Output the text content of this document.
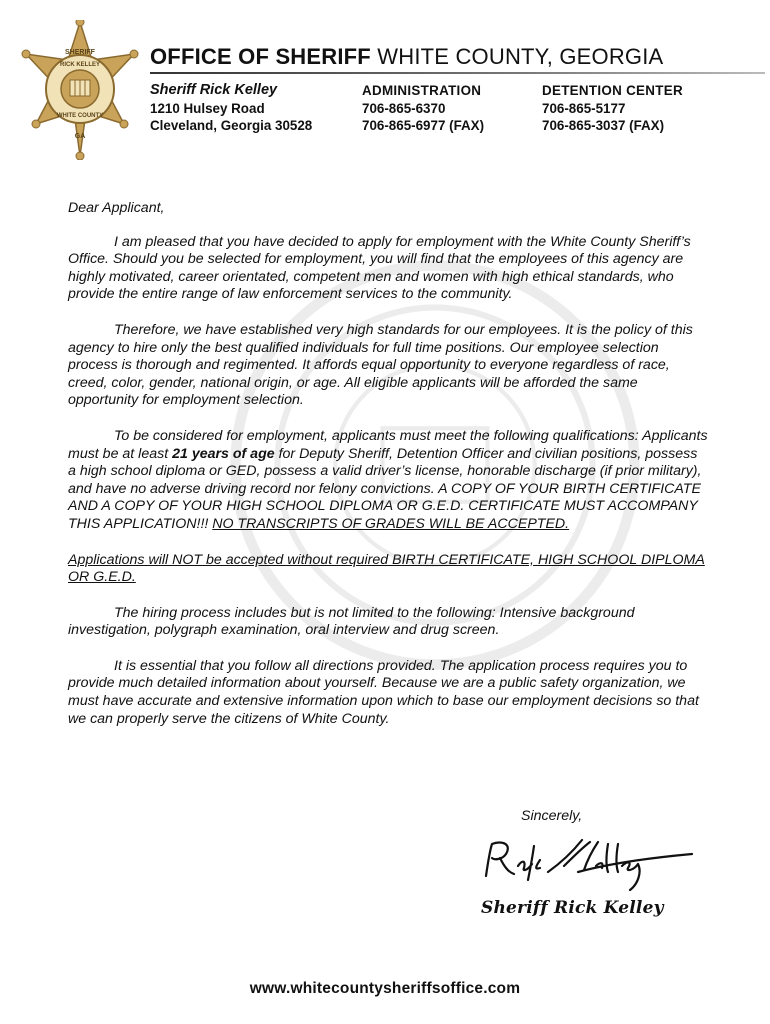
SHERIFF
RICK KELLEY
WHITE COUNTY
GA
OFFICE OF SHERIFF WHITE COUNTY, GEORGIA
Sheriff Rick Kelley
1210 Hulsey Road
Cleveland, Georgia 30528
ADMINISTRATION
706-865-6370
706-865-6977 (FAX)
DETENTION CENTER
706-865-5177
706-865-3037 (FAX)

Dear Applicant,

I am pleased that you have decided to apply for employment with the White County Sheriff’s Office. Should you be selected for employment, you will find that the employees of this agency are highly motivated, career orientated, competent men and women with high ethical standards, who provide the entire range of law enforcement services to the community.

Therefore, we have established very high standards for our employees. It is the policy of this agency to hire only the best qualified individuals for full time positions. Our employee selection process is thorough and regimented. It affords equal opportunity to everyone regardless of race, creed, color, gender, national origin, or age. All eligible applicants will be afforded the same opportunity for employment selection.

To be considered for employment, applicants must meet the following qualifications: Applicants must be at least 21 years of age for Deputy Sheriff, Detention Officer and civilian positions, possess a high school diploma or GED, possess a valid driver’s license, honorable discharge (if prior military), and have no adverse driving record nor felony convictions. A COPY OF YOUR BIRTH CERTIFICATE AND A COPY OF YOUR HIGH SCHOOL DIPLOMA OR G.E.D. CERTIFICATE MUST ACCOMPANY THIS APPLICATION!!! NO TRANSCRIPTS OF GRADES WILL BE ACCEPTED.

Applications will NOT be accepted without required BIRTH CERTIFICATE, HIGH SCHOOL DIPLOMA OR G.E.D.

The hiring process includes but is not limited to the following: Intensive background investigation, polygraph examination, oral interview and drug screen.

It is essential that you follow all directions provided. The application process requires you to provide much detailed information about yourself. Because we are a public safety organization, we must have accurate and extensive information upon which to base our employment decisions so that we can properly serve the citizens of White County.

Sincerely,
Sheriff Rick Kelley
www.whitecountysheriffsoffice.com
